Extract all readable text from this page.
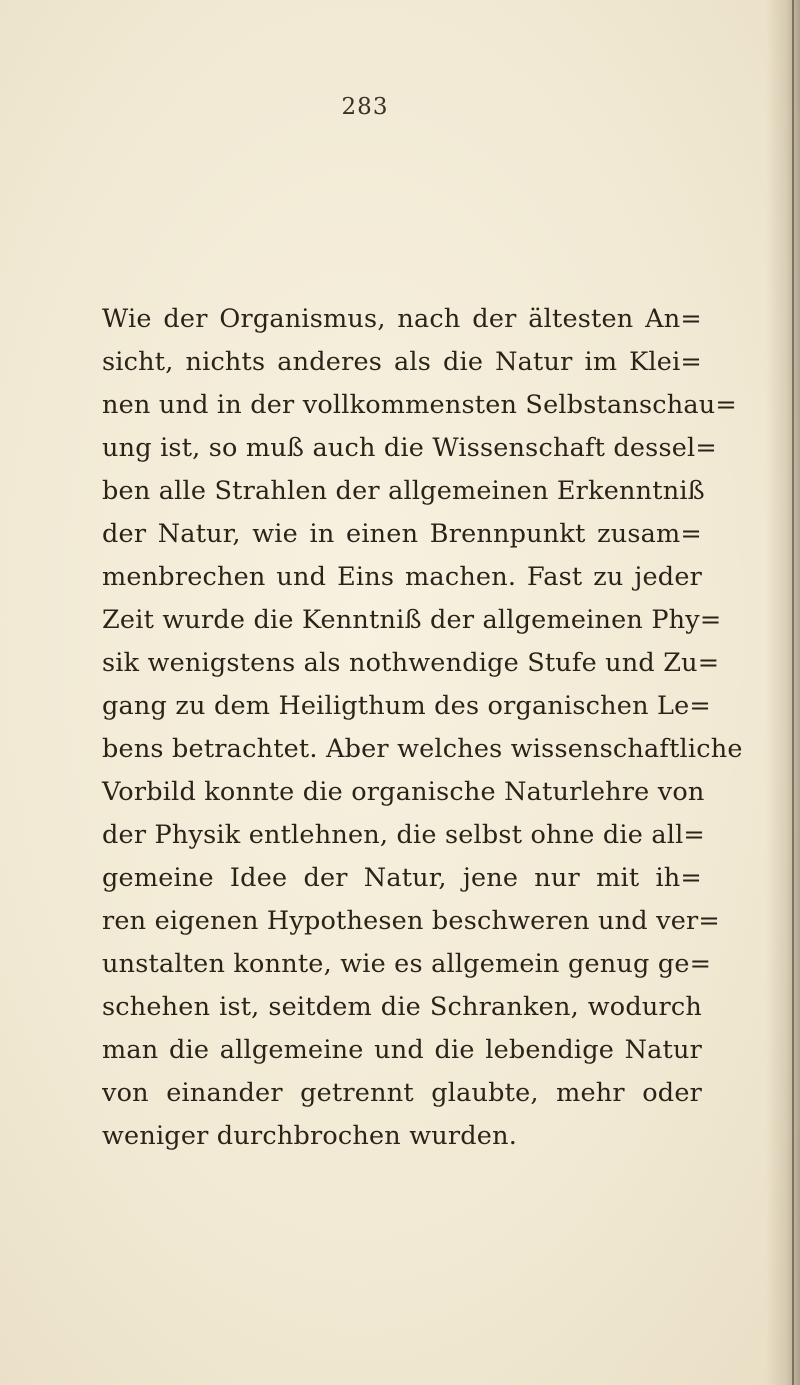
283
Wie der Organismus, nach der ältesten An=
sicht, nichts anderes als die Natur im Klei=
nen und in der vollkommensten Selbstanschau=
ung ist, so muß auch die Wissenschaft dessel=
ben alle Strahlen der allgemeinen Erkenntniß
der Natur, wie in einen Brennpunkt zusam=
menbrechen und Eins machen. Fast zu jeder
Zeit wurde die Kenntniß der allgemeinen Phy=
sik wenigstens als nothwendige Stufe und Zu=
gang zu dem Heiligthum des organischen Le=
bens betrachtet. Aber welches wissenschaftliche
Vorbild konnte die organische Naturlehre von
der Physik entlehnen, die selbst ohne die all=
gemeine Idee der Natur, jene nur mit ih=
ren eigenen Hypothesen beschweren und ver=
unstalten konnte, wie es allgemein genug ge=
schehen ist, seitdem die Schranken, wodurch
man die allgemeine und die lebendige Natur
von einander getrennt glaubte, mehr oder
weniger durchbrochen wurden.
